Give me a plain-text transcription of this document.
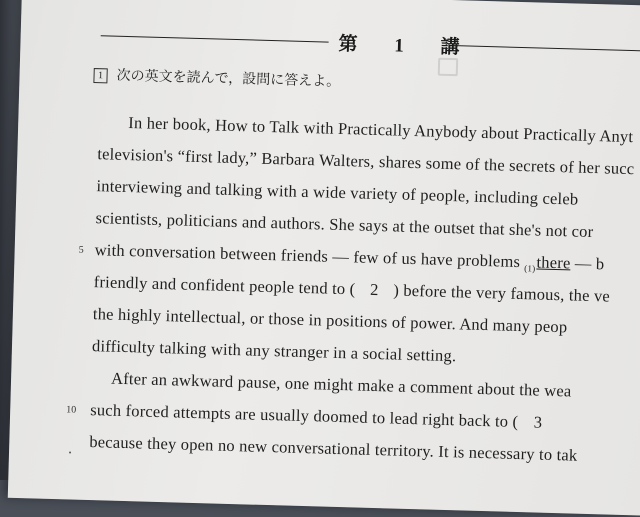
第 1 講
1 次の英文を読んで，設問に答えよ。
In her book, How to Talk with Practically Anybody about Practically Anyt
television's “first lady,” Barbara Walters, shares some of the secrets of her succ
interviewing and talking with a wide variety of people, including celeb
scientists, politicians and authors. She says at the outset that she's not cor
5 with conversation between friends — few of us have problems $_{(1)}$there — b
friendly and confident people tend to ( 2 ) before the very famous, the ve
the highly intellectual, or those in positions of power. And many peop
difficulty talking with any stranger in a social setting.
After an awkward pause, one might make a comment about the wea
10 such forced attempts are usually doomed to lead right back to ( 3
because they open no new conversational territory. It is necessary to tak
